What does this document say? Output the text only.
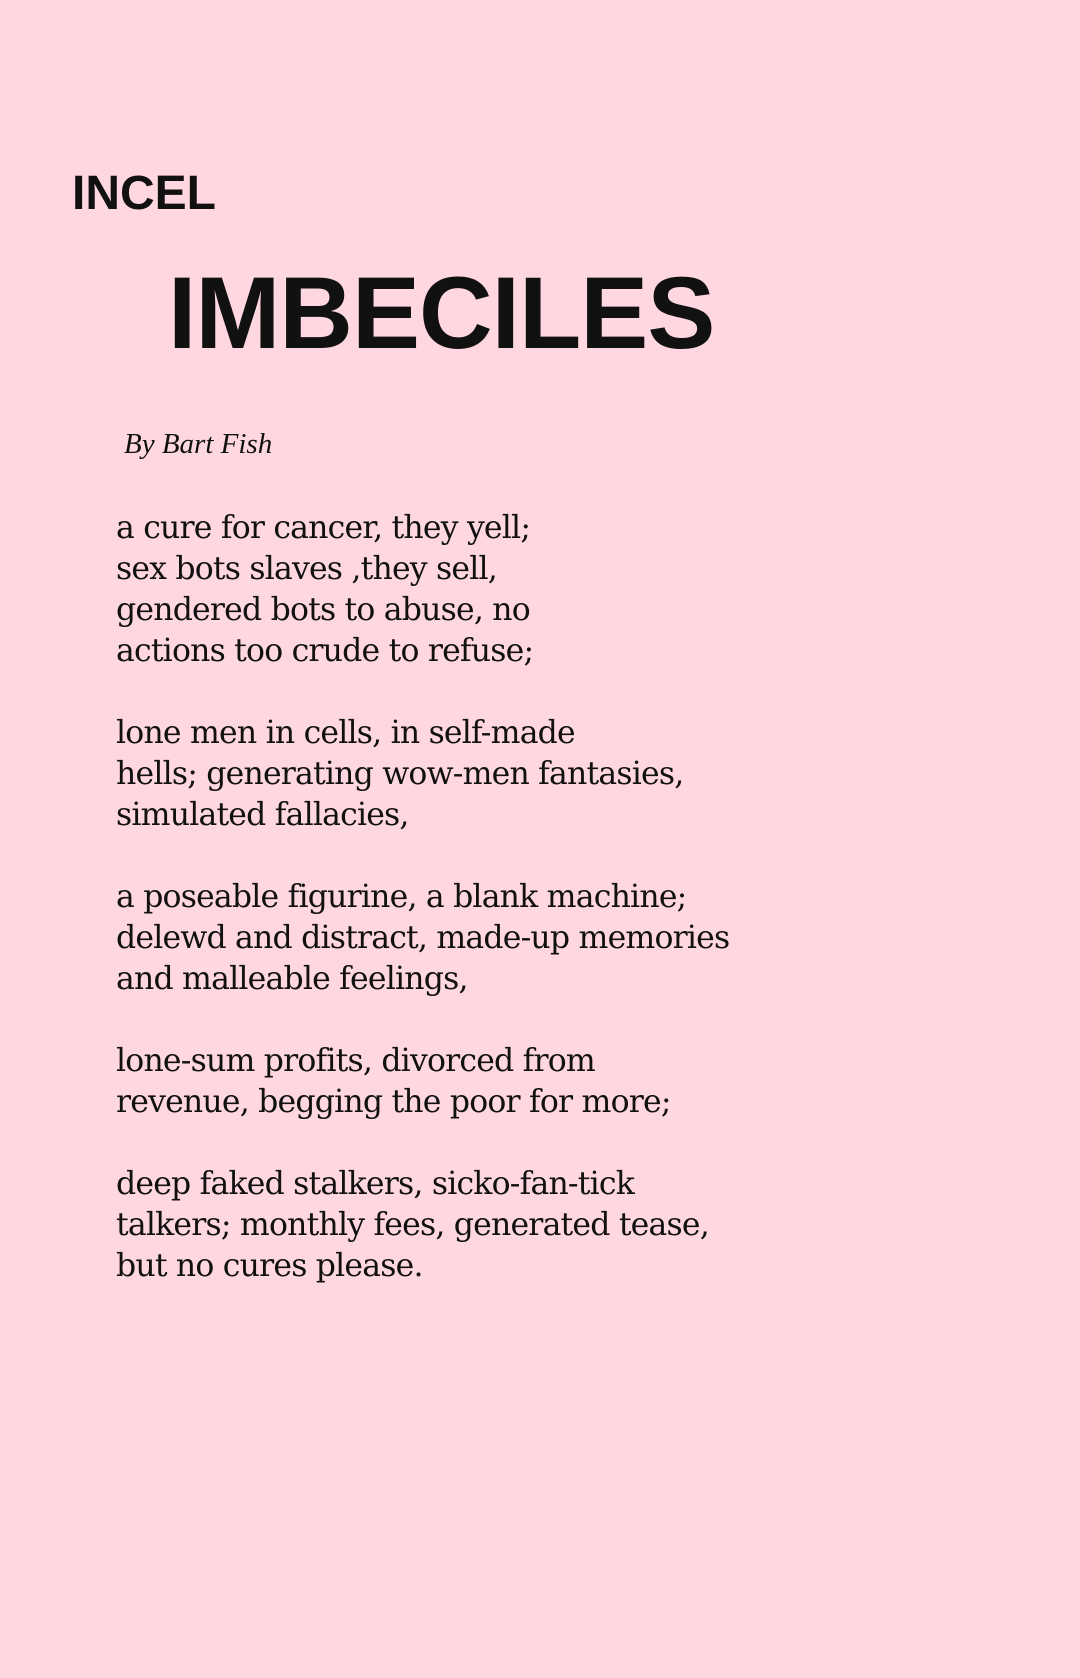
INCEL
IMBECILES

By Bart Fish

a cure for cancer, they yell;
sex bots slaves ,they sell,
gendered bots to abuse, no
actions too crude to refuse;

lone men in cells, in self-made
hells; generating wow-men fantasies,
simulated fallacies,

a poseable figurine, a blank machine;
delewd and distract, made-up memories
and malleable feelings,

lone-sum profits, divorced from
revenue, begging the poor for more;

deep faked stalkers, sicko-fan-tick
talkers; monthly fees, generated tease,
but no cures please.
